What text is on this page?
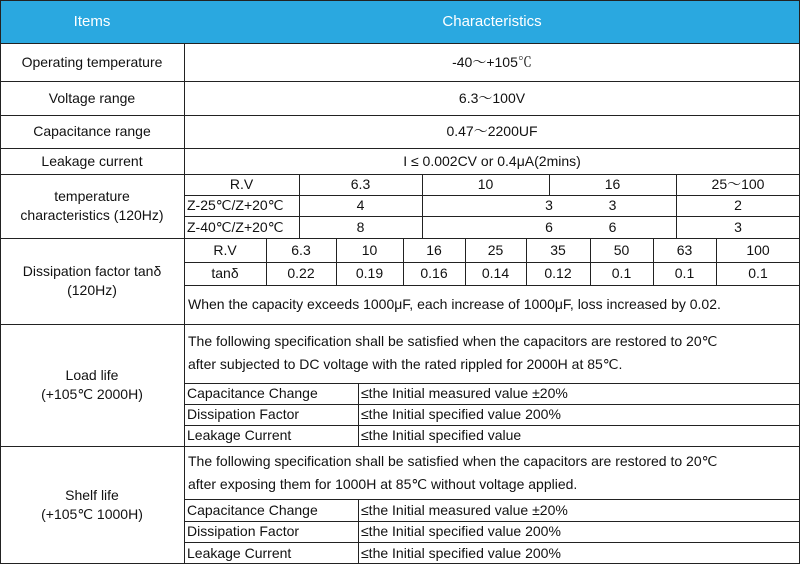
Items	Characteristics
Operating temperature	-40～+105℃
Voltage range	6.3～100V
Capacitance range	0.47～2200UF
Leakage current	I ≤ 0.002CV or 0.4μA(2mins)
temperature
characteristics (120Hz)
R.V	6.3	10	16	25～100
Z-25℃/Z+20℃	4	3	3	2
Z-40℃/Z+20℃	8	6	6	3
Dissipation factor tanδ
(120Hz)
R.V	6.3	10	16	25	35	50	63	100
tanδ	0.22	0.19	0.16	0.14	0.12	0.1	0.1	0.1
When the capacity exceeds 1000μF, each increase of 1000μF, loss increased by 0.02.
Load life
(+105℃ 2000H)
The following specification shall be satisfied when the capacitors are restored to 20℃
after subjected to DC voltage with the rated rippled for 2000H at 85℃.
Capacitance Change	≤the Initial measured value ±20%
Dissipation Factor	≤the Initial specified value 200%
Leakage Current	≤the Initial specified value
Shelf life
(+105℃ 1000H)
The following specification shall be satisfied when the capacitors are restored to 20℃
after exposing them for 1000H at 85℃ without voltage applied.
Capacitance Change	≤the Initial measured value ±20%
Dissipation Factor	≤the Initial specified value 200%
Leakage Current	≤the Initial specified value 200%
